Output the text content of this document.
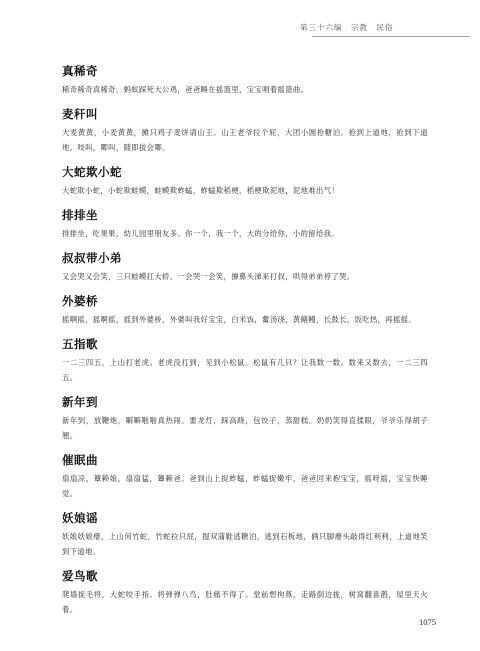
第三十六编　宗教　民俗
真稀奇
稀奇稀奇真稀奇，蚂蚁踩死大公鸡，爸爸睡在摇篮里，宝宝唱着摇篮曲。
麦秆叫
大麦黄黄，小麦黄黄，摊只鸡子麦饼请山王。山王老爷拉个屁，大团小圆抢糖泊。抢到上道地，抢到下道地。吱叫，唧叫，随即拔会唧。
大蛇欺小蛇
大蛇欺小蛇，小蛇欺蛙蟆，蛙蟆欺蚱蜢，蚱蜢欺稻梗，稻梗欺泥地，泥地难出气！
排排坐
排排坐，吃果果，幼儿园里朋友多。你一个，我一个，大的分给你，小的留给我。
叔叔带小弟
又会哭又会笑，三只蛙蟆扛大轿。一会哭一会笑，擤鼻头涕来打叔，哄得弟弟停了哭。
外婆桥
摇啊摇，摇啊摇，摇到外婆桥，外婆叫我好宝宝，白米饭，鳌汤浇，黄鳝鳗，长鼓长，饭吃热，再摇摇。
五指歌
一二三四五，上山打老虎。老虎没打到，见到小松鼠。松鼠有几只？让我数一数。数来又数去，一二三四五。
新年到
新年到，放鞭炮，噼噼啪啪真热闹。要龙灯，踩高跷，包饺子，蒸甜糕。奶奶笑得直揉眼，爷爷乐得胡子翘。
催眠曲
扇扇凉，簟赖娘，扇扇猛，簟赖爸。爸到山上捉蚱蜢，蚱蜢捉嫩牢，爸爸回来抱宝宝，摇呀摇，宝宝快睡觉。
妖娘谣
妖娘妖娘瘪，上山何竹蛇，竹蛇拉只屁，提双蒲鞋逃糖泊，逃到石板地，俩只脚瘪头敲得红利利，上道地笑到下道地。
爱鸟歌
爬墙捉毛将，大蛇咬手指。将弹弹八鸟，肚痛不得了。堂前想拘燕，走路倒边拢，树窝翻喜鹊，屋里天火着。
1075
